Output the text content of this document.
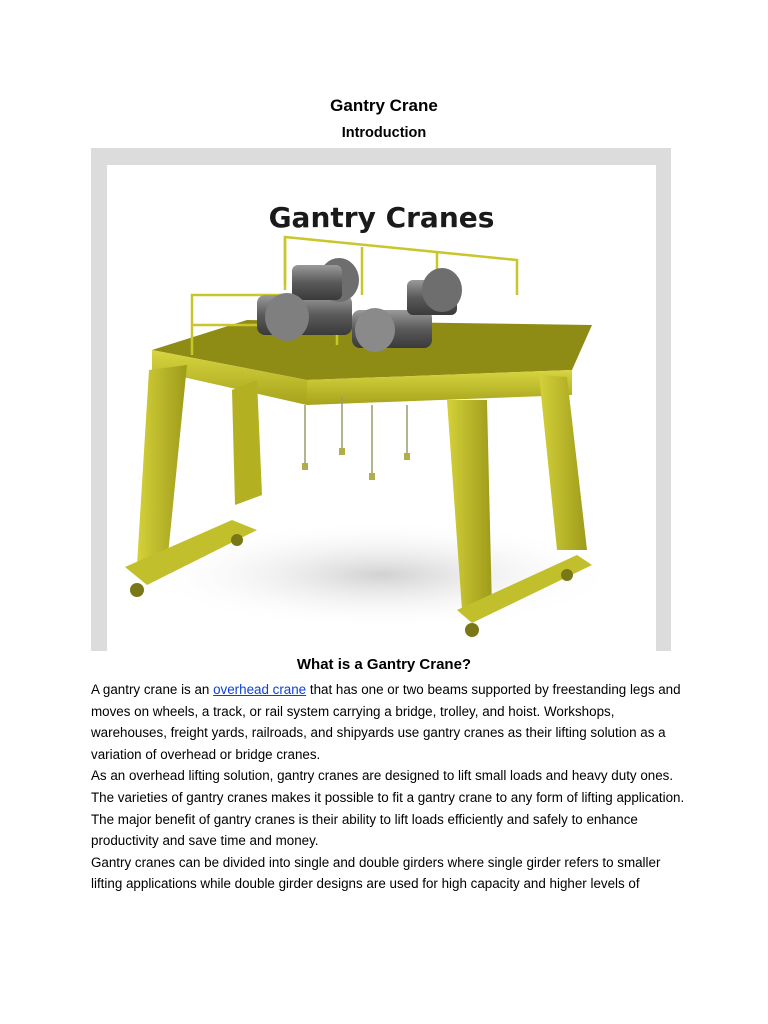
Gantry Crane
Introduction
Gantry Cranes
What is a Gantry Crane?

A gantry crane is an overhead crane that has one or two beams supported by freestanding legs and moves on wheels, a track, or rail system carrying a bridge, trolley, and hoist. Workshops, warehouses, freight yards, railroads, and shipyards use gantry cranes as their lifting solution as a variation of overhead or bridge cranes.

As an overhead lifting solution, gantry cranes are designed to lift small loads and heavy duty ones. The varieties of gantry cranes makes it possible to fit a gantry crane to any form of lifting application. The major benefit of gantry cranes is their ability to lift loads efficiently and safely to enhance productivity and save time and money.

Gantry cranes can be divided into single and double girders where single girder refers to smaller lifting applications while double girder designs are used for high capacity and higher levels of
